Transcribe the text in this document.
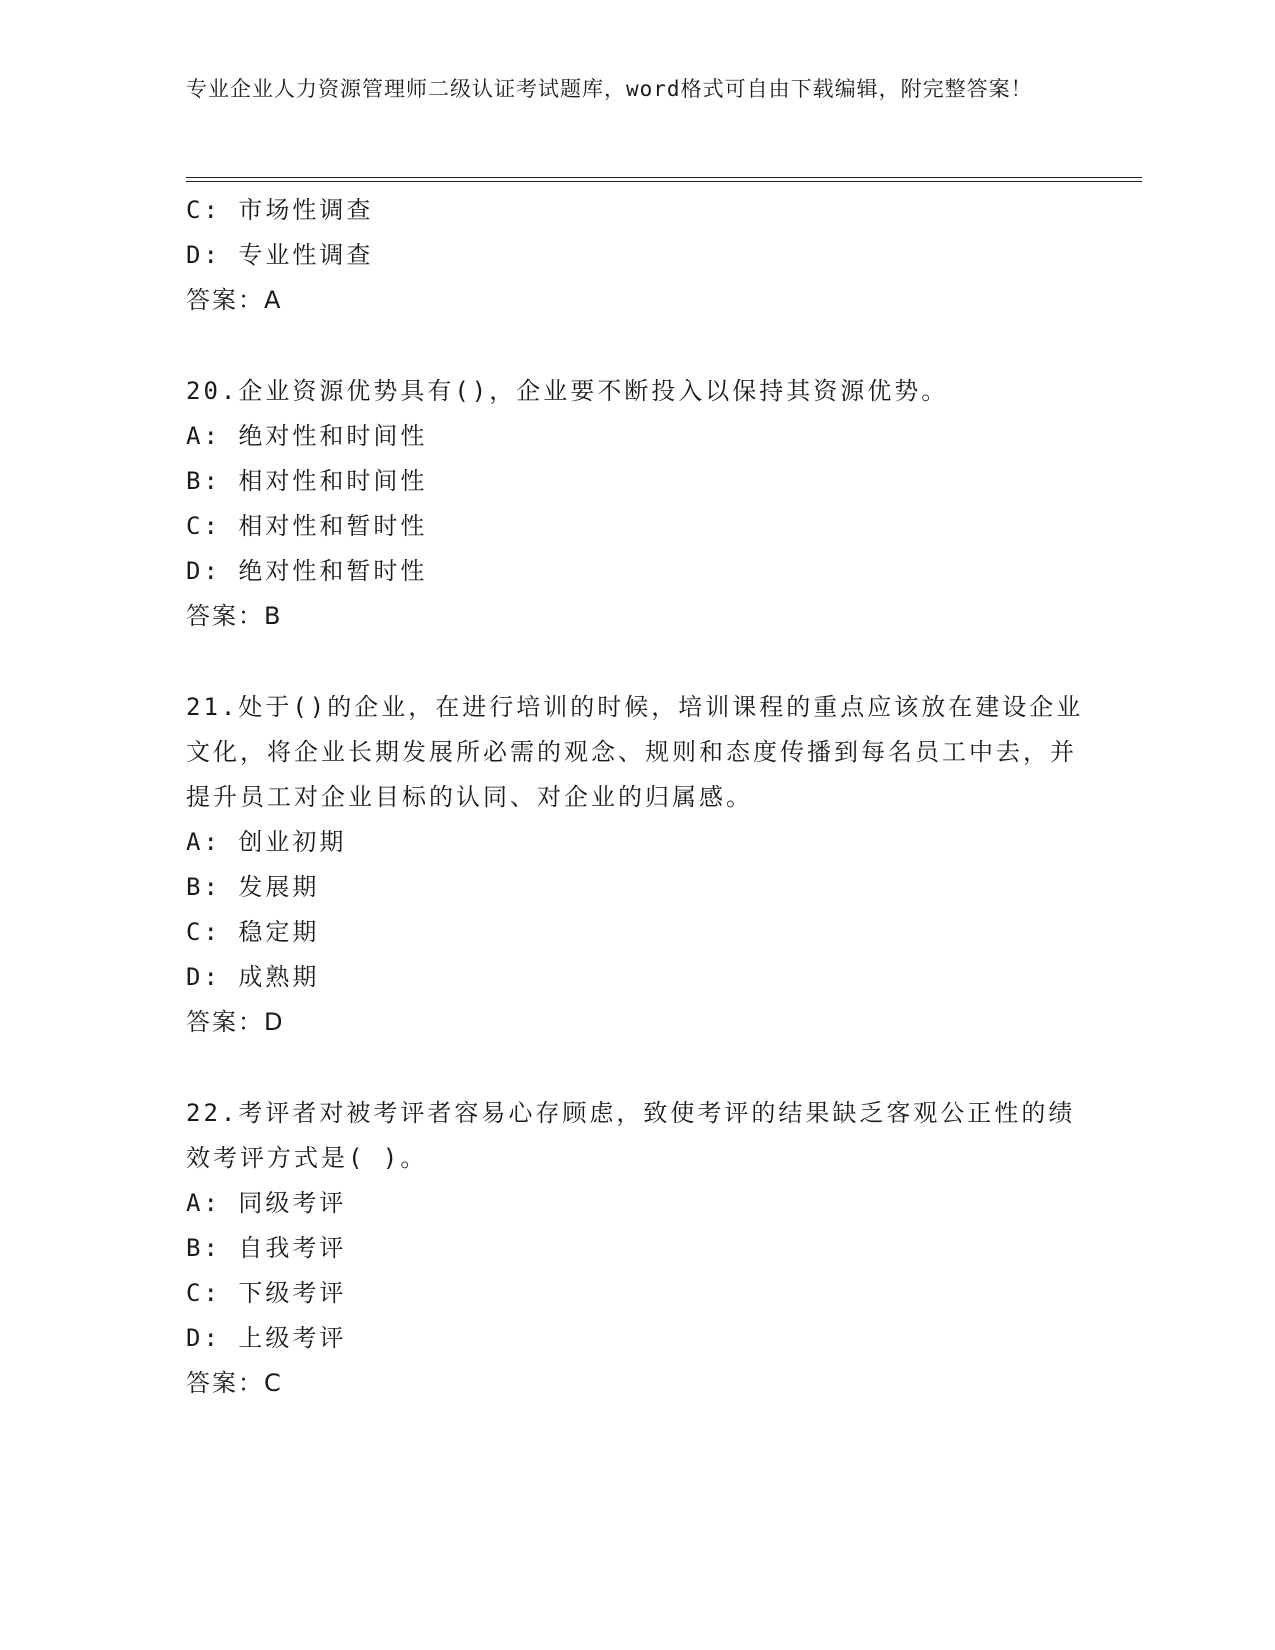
专业企业人力资源管理师二级认证考试题库，word格式可自由下载编辑，附完整答案！
C: 市场性调查
D: 专业性调查
答案：A
20.企业资源优势具有()，企业要不断投入以保持其资源优势。
A: 绝对性和时间性
B: 相对性和时间性
C: 相对性和暂时性
D: 绝对性和暂时性
答案：B
21.处于()的企业，在进行培训的时候，培训课程的重点应该放在建设企业文化，将企业长期发展所必需的观念、规则和态度传播到每名员工中去，并提升员工对企业目标的认同、对企业的归属感。
A: 创业初期
B: 发展期
C: 稳定期
D: 成熟期
答案：D
22.考评者对被考评者容易心存顾虑，致使考评的结果缺乏客观公正性的绩效考评方式是( )。
A: 同级考评
B: 自我考评
C: 下级考评
D: 上级考评
答案：C
